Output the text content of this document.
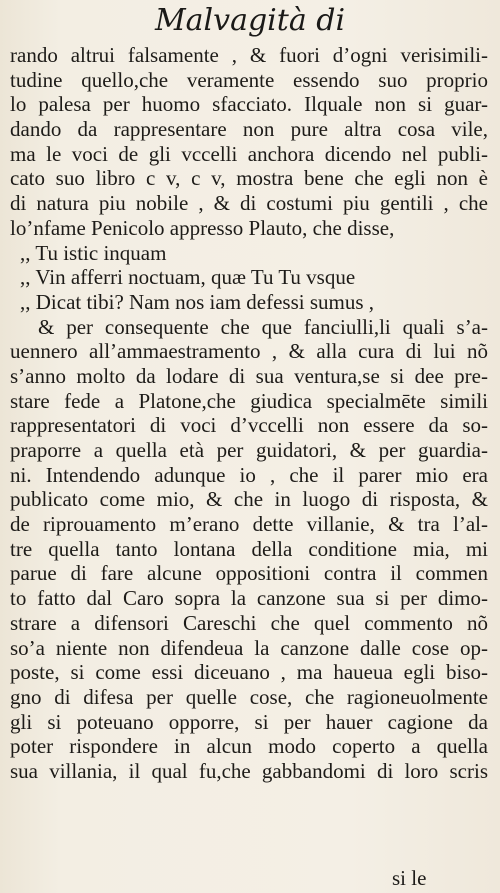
Malvagità di
rando altrui falsamente , & fuori d’ogni verisimili-
tudine quello,che veramente essendo suo proprio
lo palesa per huomo sfacciato. Ilquale non si guar-
dando da rappresentare non pure altra cosa vile,
ma le voci de gli vccelli anchora dicendo nel publi-
cato suo libro c v, c v, mostra bene che egli non è
di natura piu nobile , & di costumi piu gentili , che
lo’nfame Penicolo appresso Plauto, che disse,
,, Tu istic inquam
,, Vin afferri noctuam, quæ Tu Tu vsque
,, Dicat tibi? Nam nos iam defessi sumus ,
& per consequente che que fanciulli,li quali s’a-
uennero all’ammaestramento , & alla cura di lui nõ
s’anno molto da lodare di sua ventura,se si dee pre-
stare fede a Platone,che giudica specialmēte simili
rappresentatori di voci d’vccelli non essere da so-
praporre a quella età per guidatori, & per guardia-
ni. Intendendo adunque io , che il parer mio era
publicato come mio, & che in luogo di risposta, &
de riprouamento m’erano dette villanie, & tra l’al-
tre quella tanto lontana della conditione mia, mi
parue di fare alcune oppositioni contra il commen
to fatto dal Caro sopra la canzone sua si per dimo-
strare a difensori Careschi che quel commento nõ
so’a niente non difendeua la canzone dalle cose op-
poste, si come essi diceuano , ma haueua egli biso-
gno di difesa per quelle cose, che ragioneuolmente
gli si poteuano opporre, si per hauer cagione da
poter rispondere in alcun modo coperto a quella
sua villania, il qual fu,che gabbandomi di loro scris
si le
